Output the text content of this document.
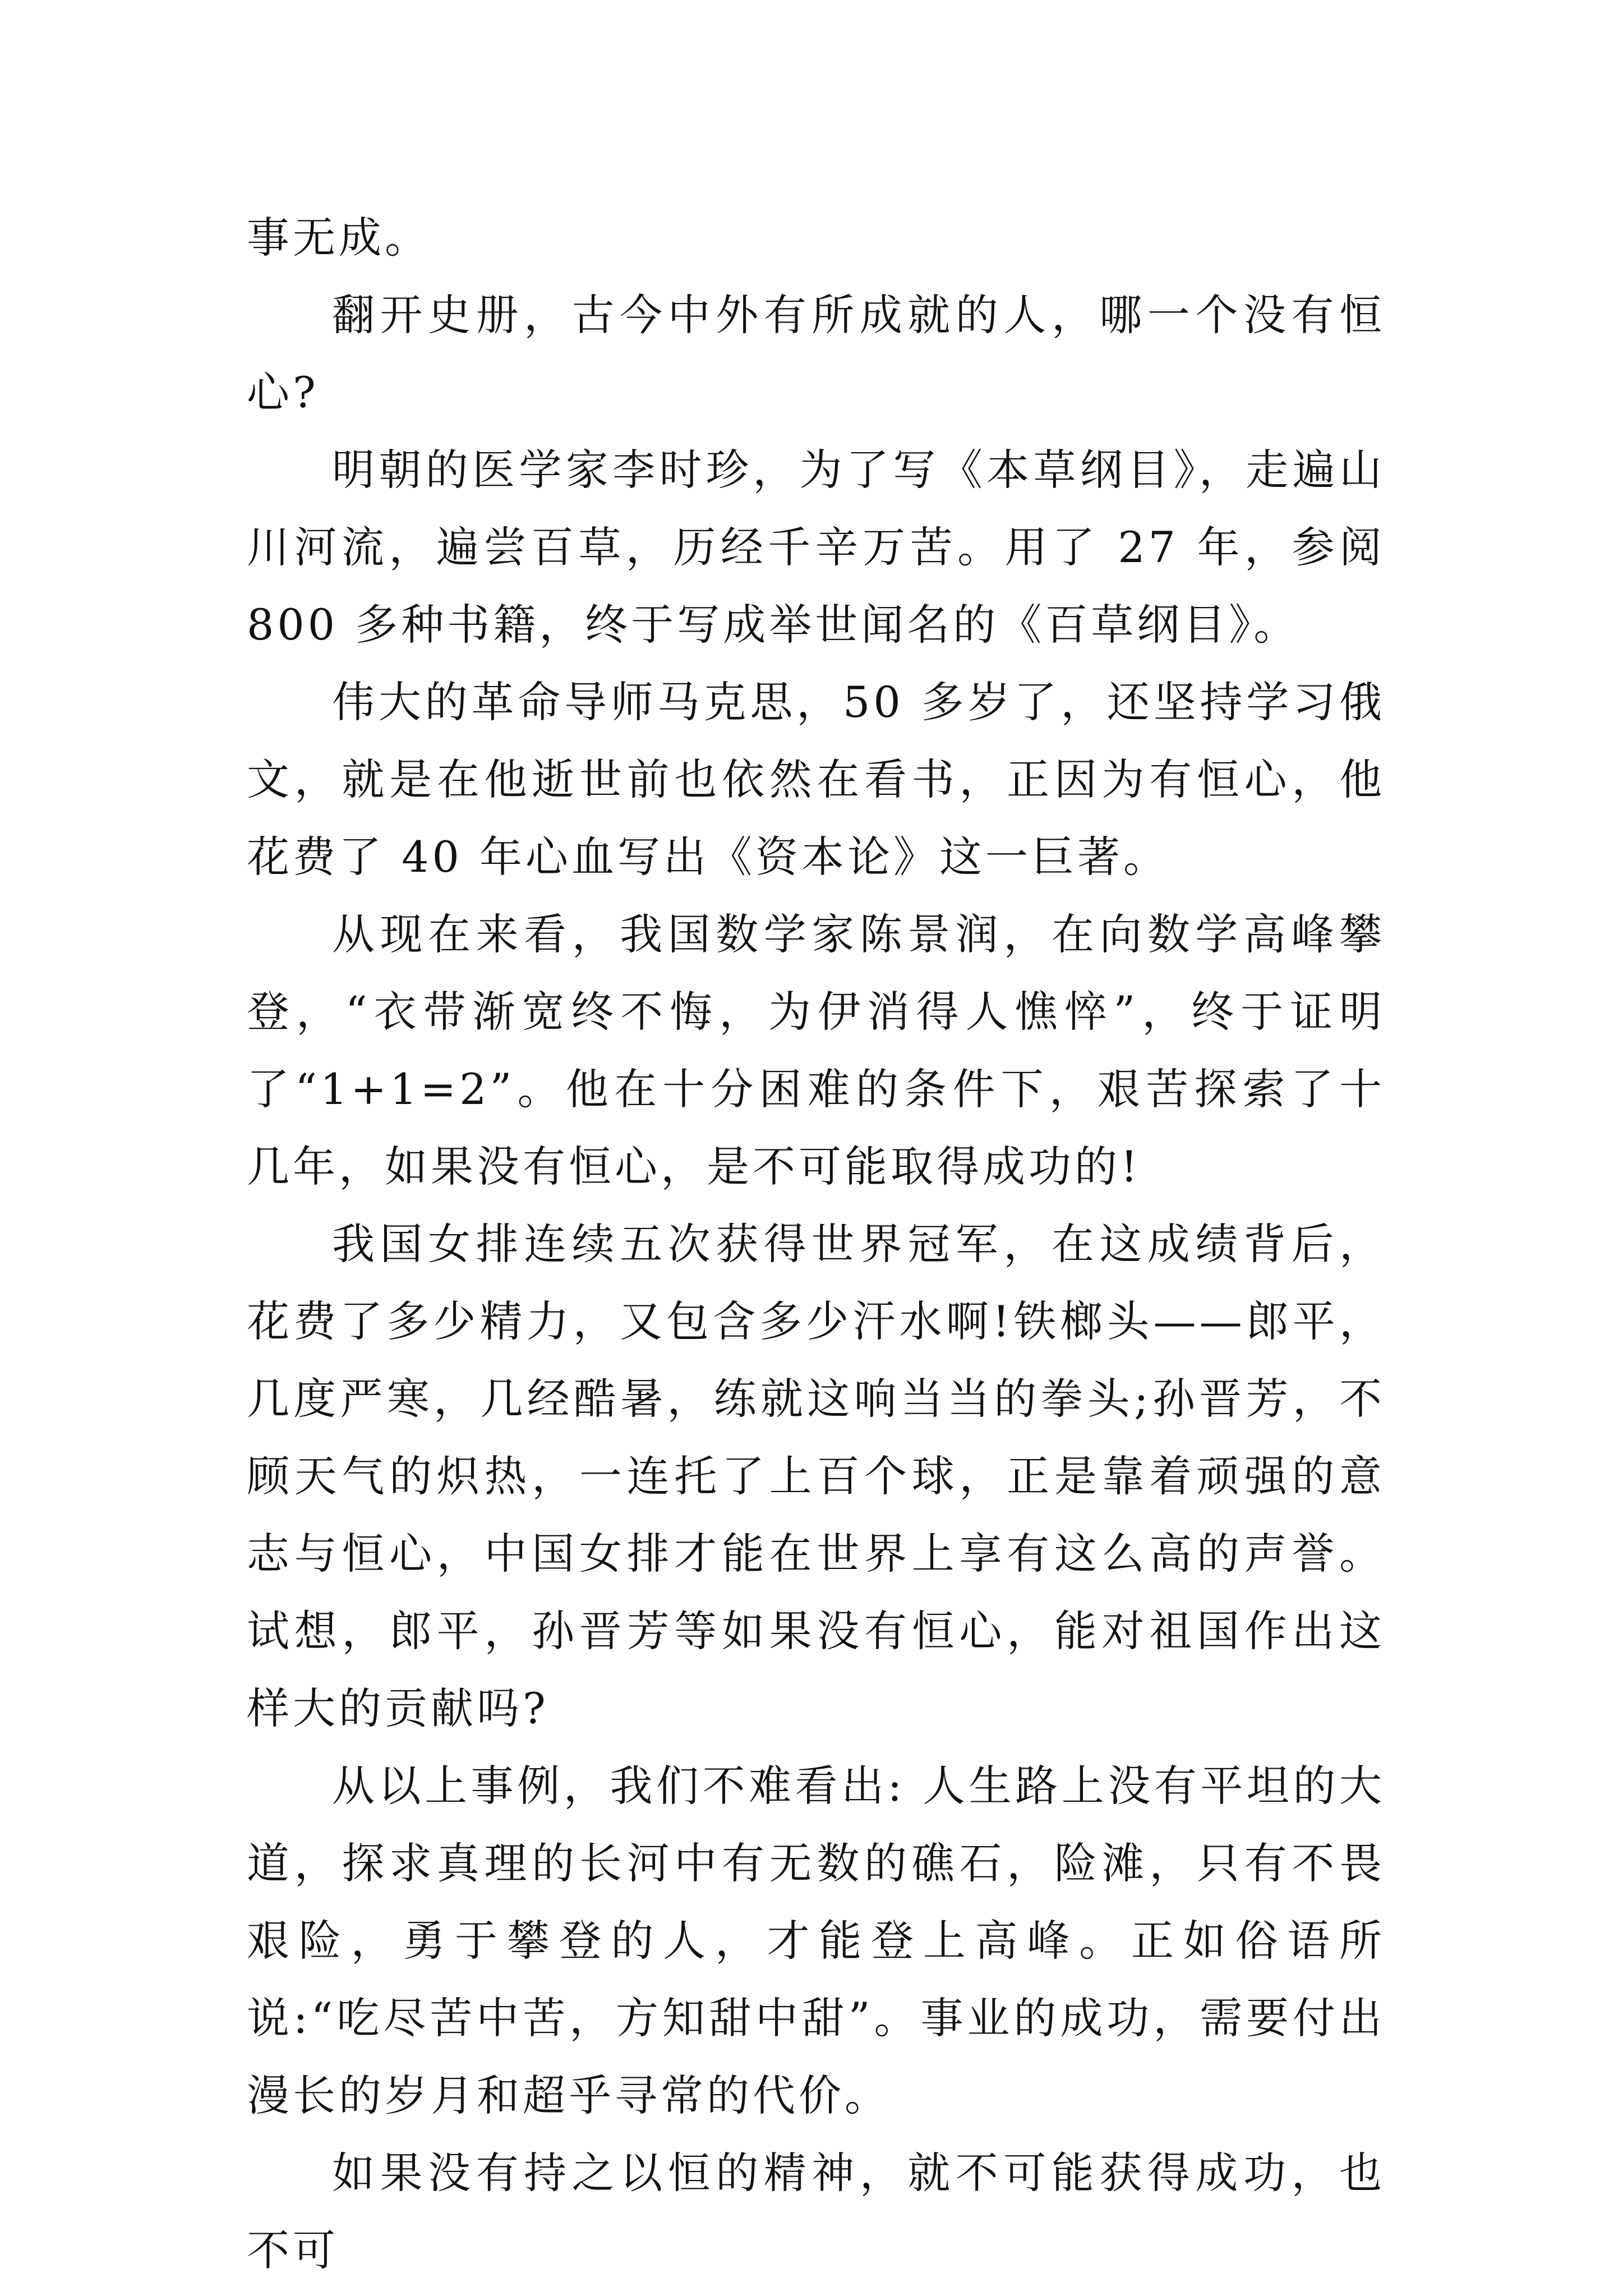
事无成。

翻开史册，古今中外有所成就的人，哪一个没有恒心?

明朝的医学家李时珍，为了写《本草纲目》，走遍山川河流，遍尝百草，历经千辛万苦。用了 27 年，参阅 800 多种书籍，终于写成举世闻名的《百草纲目》。

伟大的革命导师马克思，50 多岁了，还坚持学习俄文，就是在他逝世前也依然在看书，正因为有恒心，他花费了 40 年心血写出《资本论》这一巨著。

从现在来看，我国数学家陈景润，在向数学高峰攀登，“衣带渐宽终不悔，为伊消得人憔悴”，终于证明了“1+1=2”。他在十分困难的条件下，艰苦探索了十几年，如果没有恒心，是不可能取得成功的!

我国女排连续五次获得世界冠军，在这成绩背后，花费了多少精力，又包含多少汗水啊!铁榔头——郎平，几度严寒，几经酷暑，练就这响当当的拳头;孙晋芳，不顾天气的炽热，一连托了上百个球，正是靠着顽强的意志与恒心，中国女排才能在世界上享有这么高的声誉。试想，郎平，孙晋芳等如果没有恒心，能对祖国作出这样大的贡献吗?

从以上事例，我们不难看出: 人生路上没有平坦的大道，探求真理的长河中有无数的礁石，险滩，只有不畏艰险，勇于攀登的人，才能登上高峰。正如俗语所说:“吃尽苦中苦，方知甜中甜”。事业的成功，需要付出漫长的岁月和超乎寻常的代价。

如果没有持之以恒的精神，就不可能获得成功，也不可
